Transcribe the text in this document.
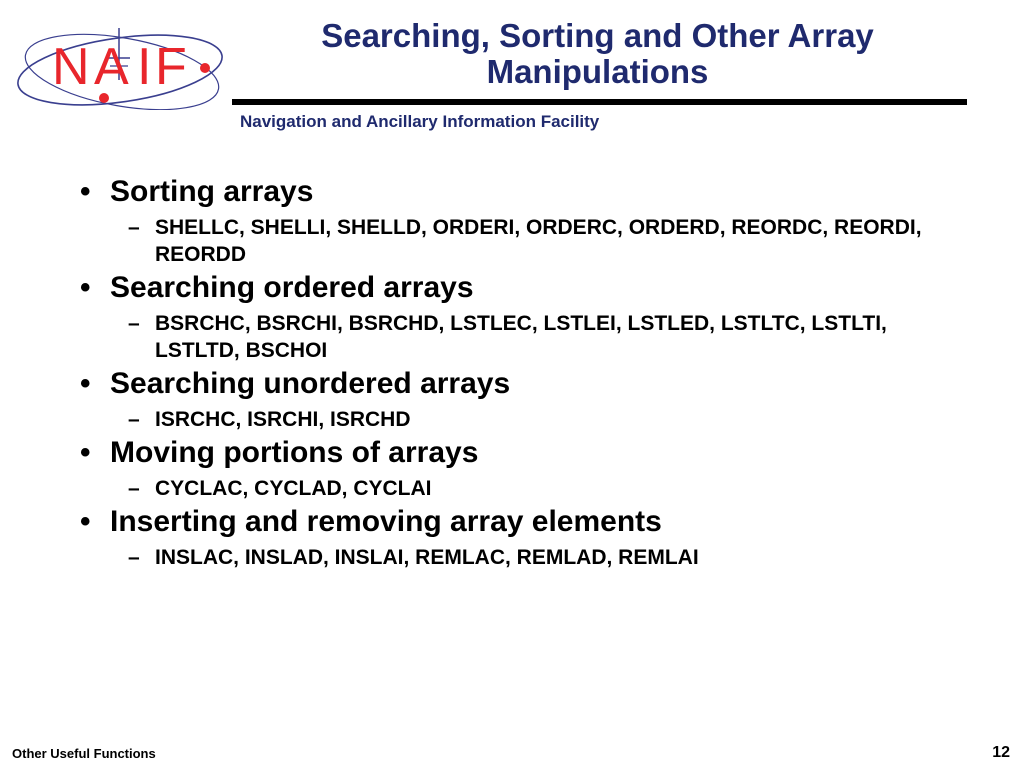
N A I F
Searching, Sorting and Other Array Manipulations
Navigation and Ancillary Information Facility
• Sorting arrays
– SHELLC, SHELLI, SHELLD, ORDERI, ORDERC, ORDERD, REORDC, REORDI, REORDD
• Searching ordered arrays
– BSRCHC, BSRCHI, BSRCHD, LSTLEC, LSTLEI, LSTLED, LSTLTC, LSTLTI, LSTLTD, BSCHOI
• Searching unordered arrays
– ISRCHC, ISRCHI, ISRCHD
• Moving portions of arrays
– CYCLAC, CYCLAD, CYCLAI
• Inserting and removing array elements
– INSLAC, INSLAD, INSLAI, REMLAC, REMLAD, REMLAI
Other Useful Functions	12
